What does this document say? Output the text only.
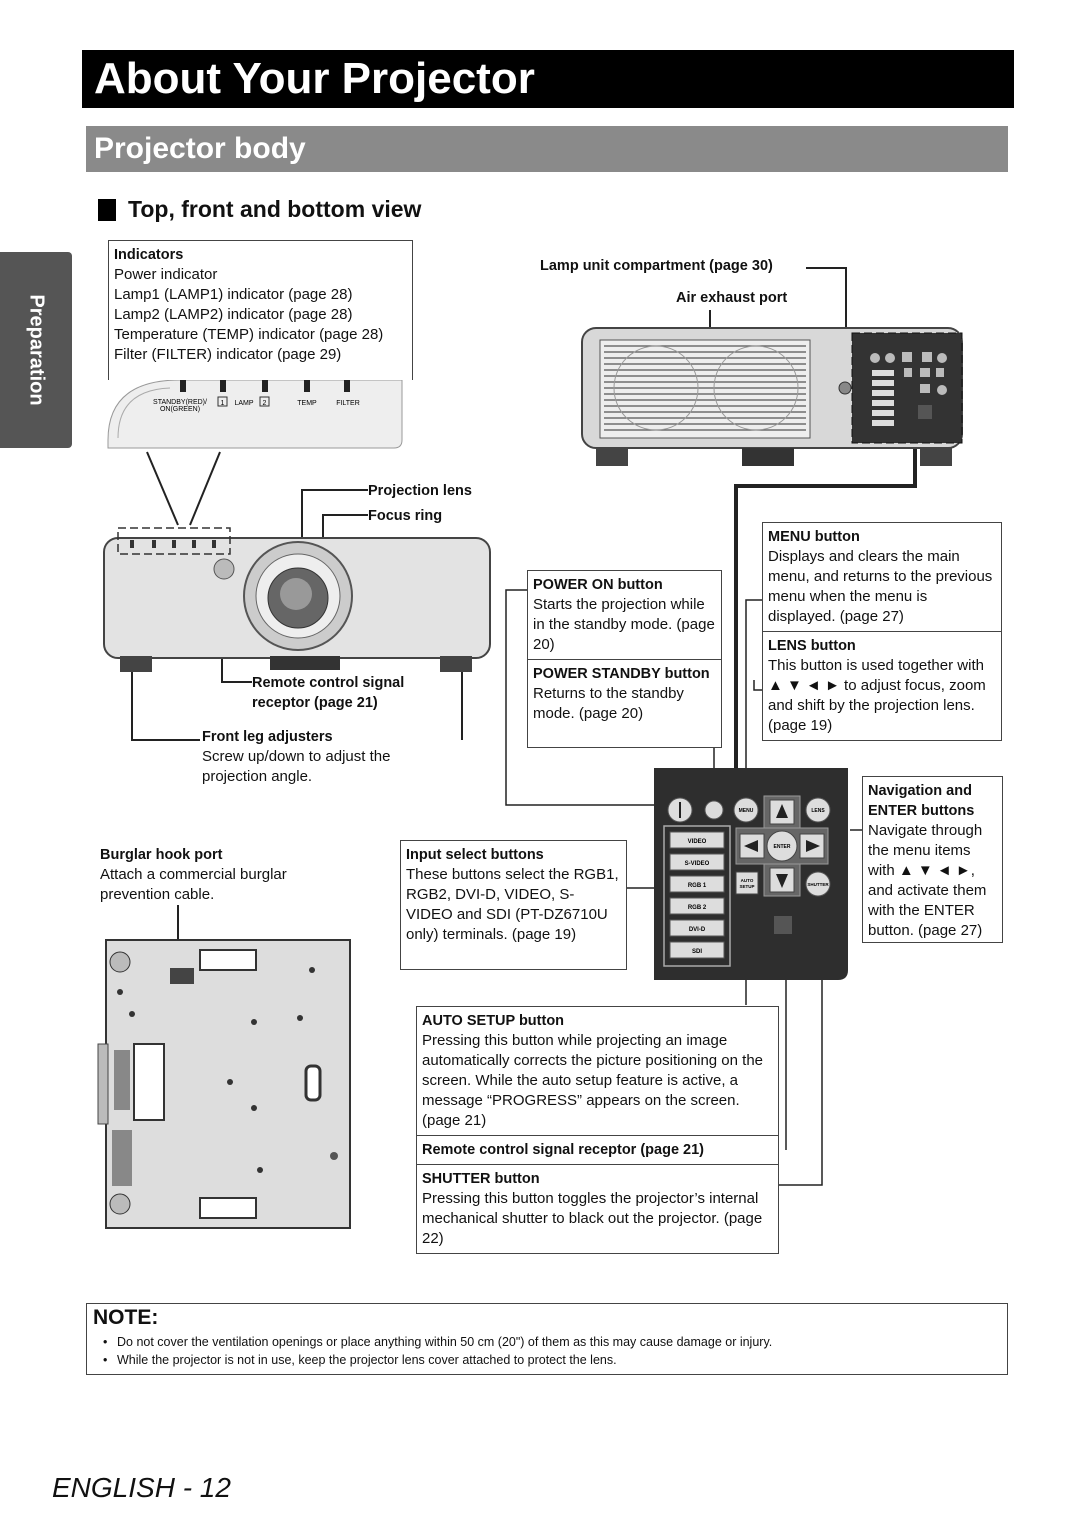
About Your Projector
Projector body
Top, front and bottom view
Preparation	STANDBY(RED)/
ON(GREEN)
1 LAMP 2	TEMP	FILTER
MENU	LENS
ENTER
AUTO
SETUP	SHUTTER
VIDEO
S-VIDEO
RGB 1
RGB 2
DVI-D
SDI
Indicators
Power indicator
Lamp1 (LAMP1) indicator (page 28)
Lamp2 (LAMP2) indicator (page 28)
Temperature (TEMP) indicator (page 28)
Filter (FILTER) indicator (page 29)
Lamp unit compartment (page 30)
Air exhaust port
Projection lens
Focus ring
Remote control signal
receptor (page 21)
Front leg adjusters
Screw up/down to adjust the projection angle.
Burglar hook port
Attach a commercial burglar prevention cable.
POWER ON button
Starts the projection while in the standby mode. (page 20)
POWER STANDBY button
Returns to the standby mode. (page 20)
MENU button
Displays and clears the main menu, and returns to the previous menu when the menu is displayed. (page 27)
LENS button
This button is used together with ▲ ▼ ◄ ► to adjust focus, zoom and shift by the projection lens. (page 19)
Navigation and ENTER buttons
Navigate through the menu items with ▲ ▼ ◄ ►, and activate them with the ENTER button. (page 27)
Input select buttons
These buttons select the RGB1, RGB2, DVI-D, VIDEO, S-VIDEO and SDI (PT-DZ6710U only) terminals. (page 19)
AUTO SETUP button
Pressing this button while projecting an image automatically corrects the picture positioning on the screen. While the auto setup feature is active, a message “PROGRESS” appears on the screen. (page 21)
Remote control signal receptor (page 21)
SHUTTER button
Pressing this button toggles the projector’s internal mechanical shutter to black out the projector. (page 22)
NOTE:
• Do not cover the ventilation openings or place anything within 50 cm (20") of them as this may cause damage or injury.
• While the projector is not in use, keep the projector lens cover attached to protect the lens.
ENGLISH - 12
